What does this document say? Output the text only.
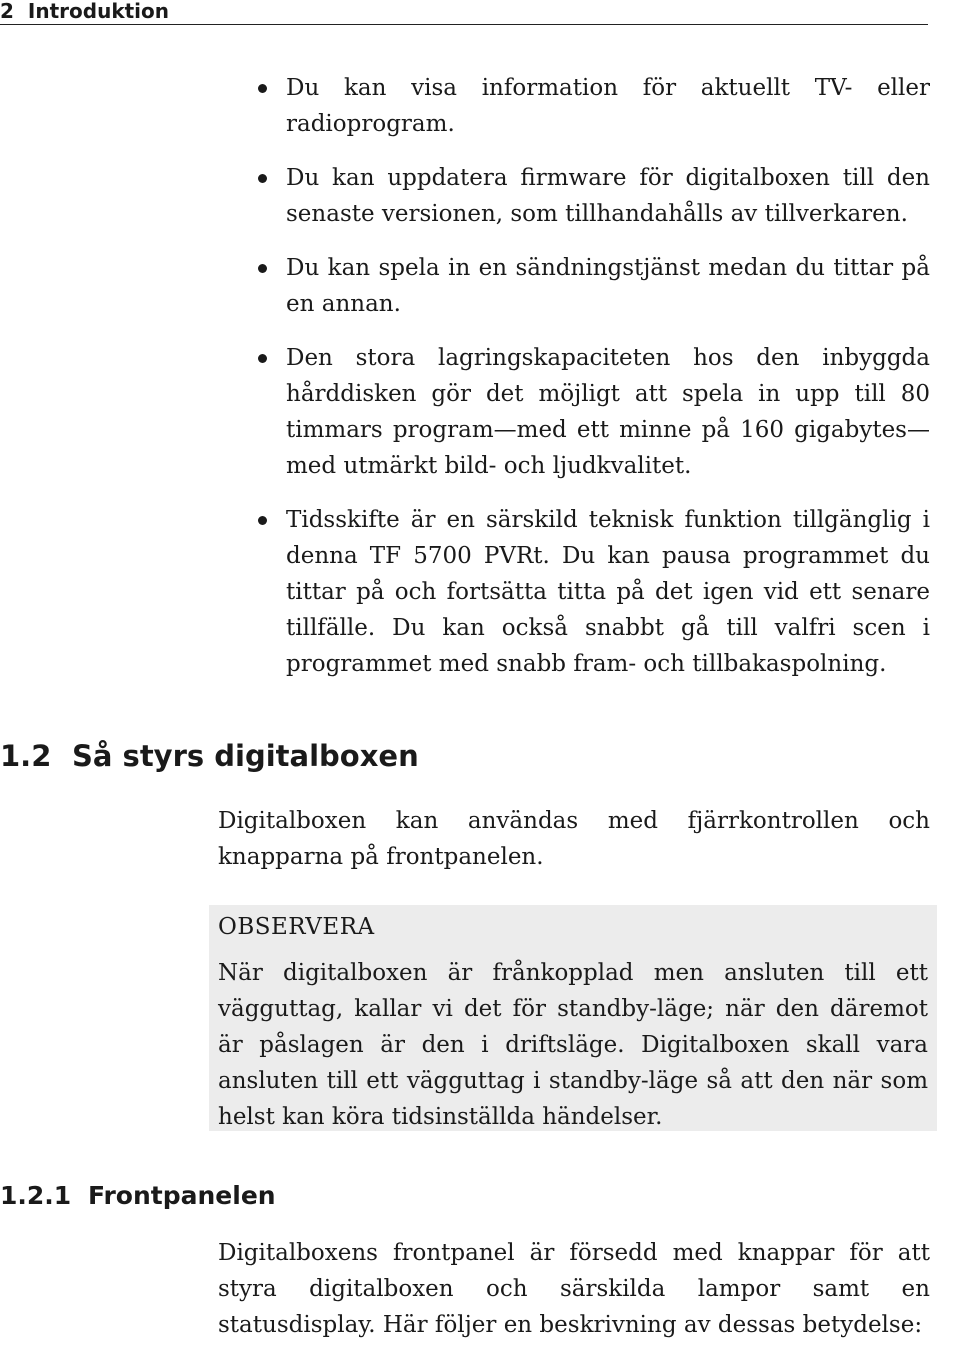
2 Introduktion
Du kan visa information för aktuellt TV- eller radioprogram.
Du kan uppdatera firmware för digitalboxen till den senaste versionen, som tillhandahålls av tillverkaren.
Du kan spela in en sändningstjänst medan du tittar på en annan.
Den stora lagringskapaciteten hos den inbyggda hårddisken gör det möjligt att spela in upp till 80 timmars program—med ett minne på 160 gigabytes—med utmärkt bild- och ljudkvalitet.
Tidsskifte är en särskild teknisk funktion tillgänglig i denna TF 5700 PVRt. Du kan pausa programmet du tittar på och fortsätta titta på det igen vid ett senare tillfälle. Du kan också snabbt gå till valfri scen i programmet med snabb fram- och tillbakaspolning.
1.2 Så styrs digitalboxen

Digitalboxen kan användas med fjärrkontrollen och knapparna på frontpanelen.

OBSERVERA

När digitalboxen är frånkopplad men ansluten till ett vägguttag, kallar vi det för standby-läge; när den däremot är påslagen är den i driftsläge. Digitalboxen skall vara ansluten till ett vägguttag i standby-läge så att den när som helst kan köra tidsinställda händelser.

1.2.1 Frontpanelen

Digitalboxens frontpanel är försedd med knappar för att styra digitalboxen och särskilda lampor samt en statusdisplay. Här följer en beskrivning av dessas betydelse:
